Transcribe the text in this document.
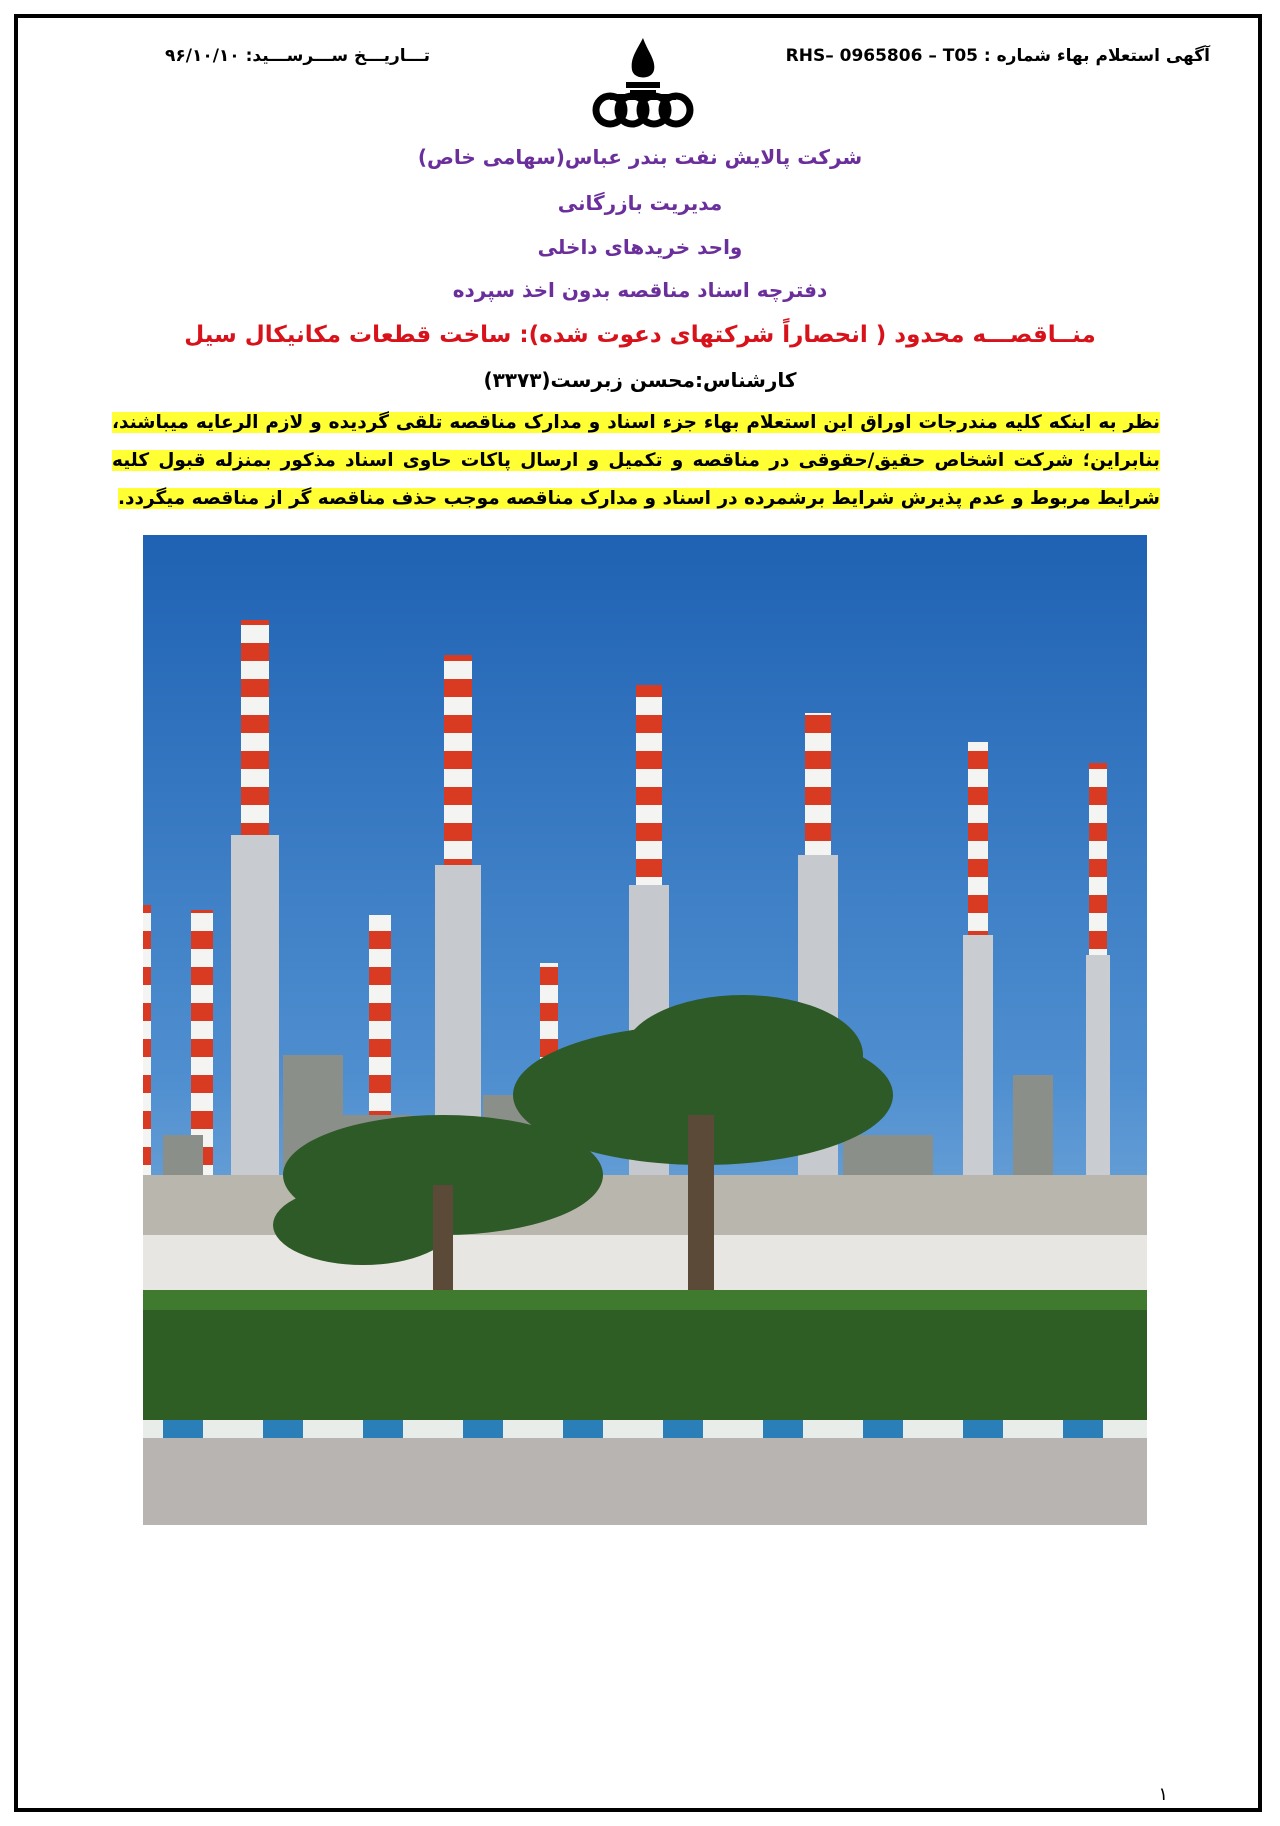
آگهی استعلام بهاء شماره : RHS– 0965806 – T05
تـــاریـــخ ســـرســـید: ۹۶/۱۰/۱۰
شرکت پالایش نفت بندر عباس(سهامی خاص)
مدیریت بازرگانی
واحد خریدهای داخلی
دفترچه اسناد مناقصه بدون اخذ سپرده
منــاقصـــه محدود ( انحصاراً شرکتهای دعوت شده): ساخت قطعات مکانیکال سیل
کارشناس:محسن زبرست(۳۳۷۳)
نظر به اینکه کلیه مندرجات اوراق این استعلام بهاء جزء اسناد و مدارک مناقصه تلقی گردیده و لازم الرعایه میباشند، بنابراین؛ شرکت اشخاص حقیق/حقوقی در مناقصه و تکمیل و ارسال پاکات حاوی اسناد مذکور بمنزله قبول کلیه شرایط مربوط و عدم پذیرش شرایط برشمرده در اسناد و مدارک مناقصه موجب حذف مناقصه گر از مناقصه میگردد.
۱
